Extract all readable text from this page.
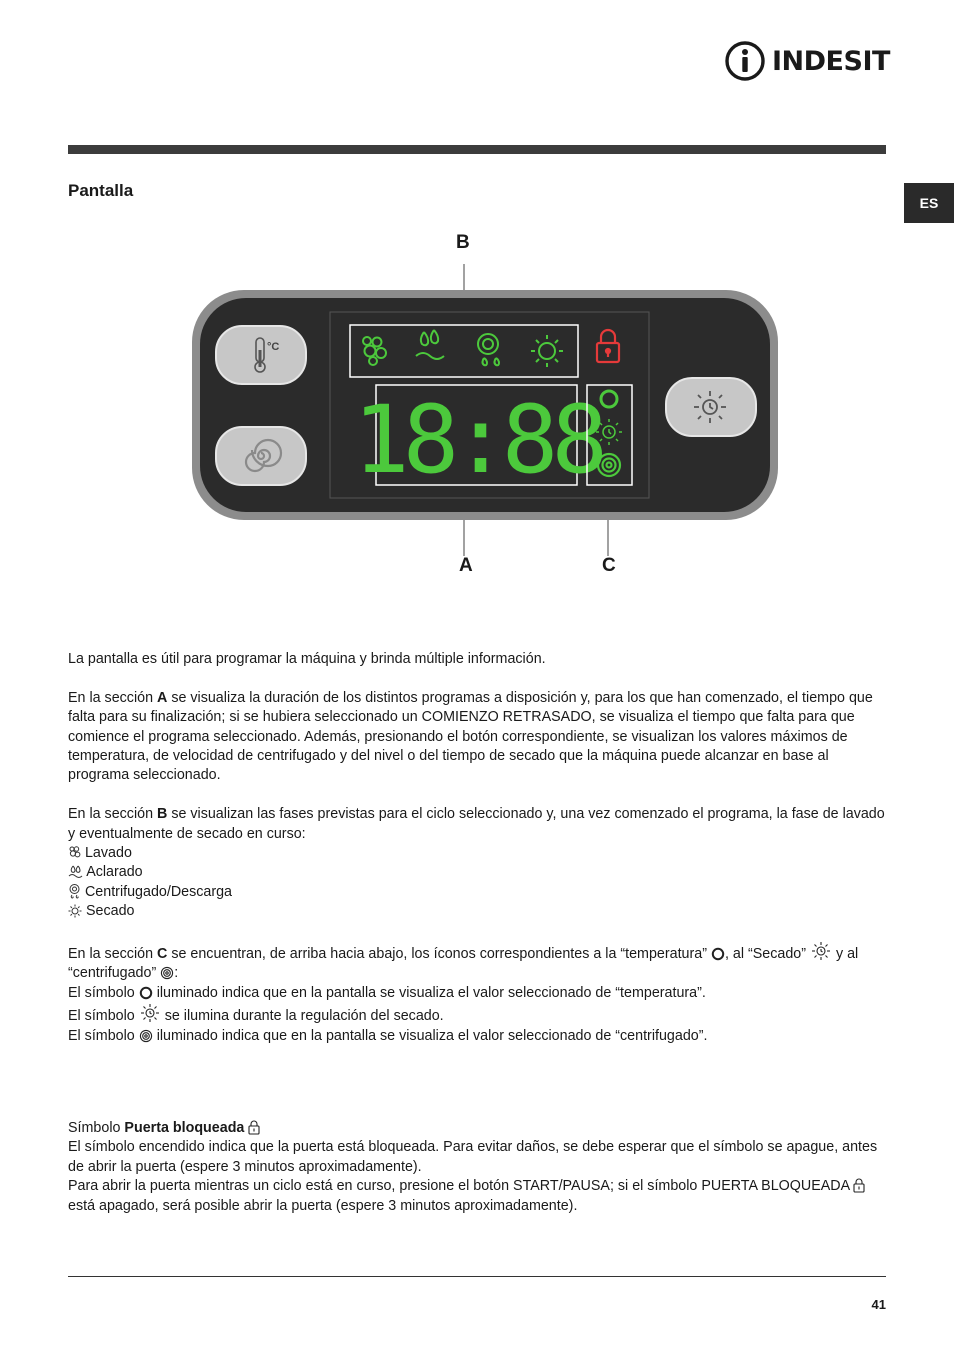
INDESIT
ES
Pantalla
°C
18:88
B
A	C

La pantalla es útil para programar la máquina y brinda múltiple información.

En la sección A se visualiza la duración de los distintos programas a disposición y, para los que han comenzado, el tiempo que falta para su finalización; si se hubiera seleccionado un COMIENZO RETRASADO, se visualiza el tiempo que falta para que comience el programa seleccionado. Además, presionando el botón correspondiente, se visualizan los valores máximos de temperatura, de velocidad de centrifugado y del nivel o del tiempo de secado que la máquina puede alcanzar en base al programa seleccionado.

En la sección B se visualizan las fases previstas para el ciclo seleccionado y, una vez comenzado el programa, la fase de lavado y eventualmente de secado en curso:

Lavado

Aclarado

Centrifugado/Descarga

Secado

En la sección C se encuentran, de arriba hacia abajo, los íconos correspondientes a la “temperatura” , al “Secado”  y al “centrifugado” :

El símbolo  iluminado indica que en la pantalla se visualiza el valor seleccionado de “temperatura”.

El símbolo  se ilumina durante la regulación del secado.

El símbolo  iluminado indica que en la pantalla se visualiza el valor seleccionado de “centrifugado”.

Símbolo Puerta bloqueada

El símbolo encendido indica que la puerta está bloqueada. Para evitar daños, se debe esperar que el símbolo se apague, antes de abrir la puerta (espere 3 minutos aproximadamente).

Para abrir la puerta mientras un ciclo está en curso, presione el botón START/PAUSA; si el símbolo PUERTA BLOQUEADA  está apagado, será posible abrir la puerta (espere 3 minutos aproximadamente).

41
